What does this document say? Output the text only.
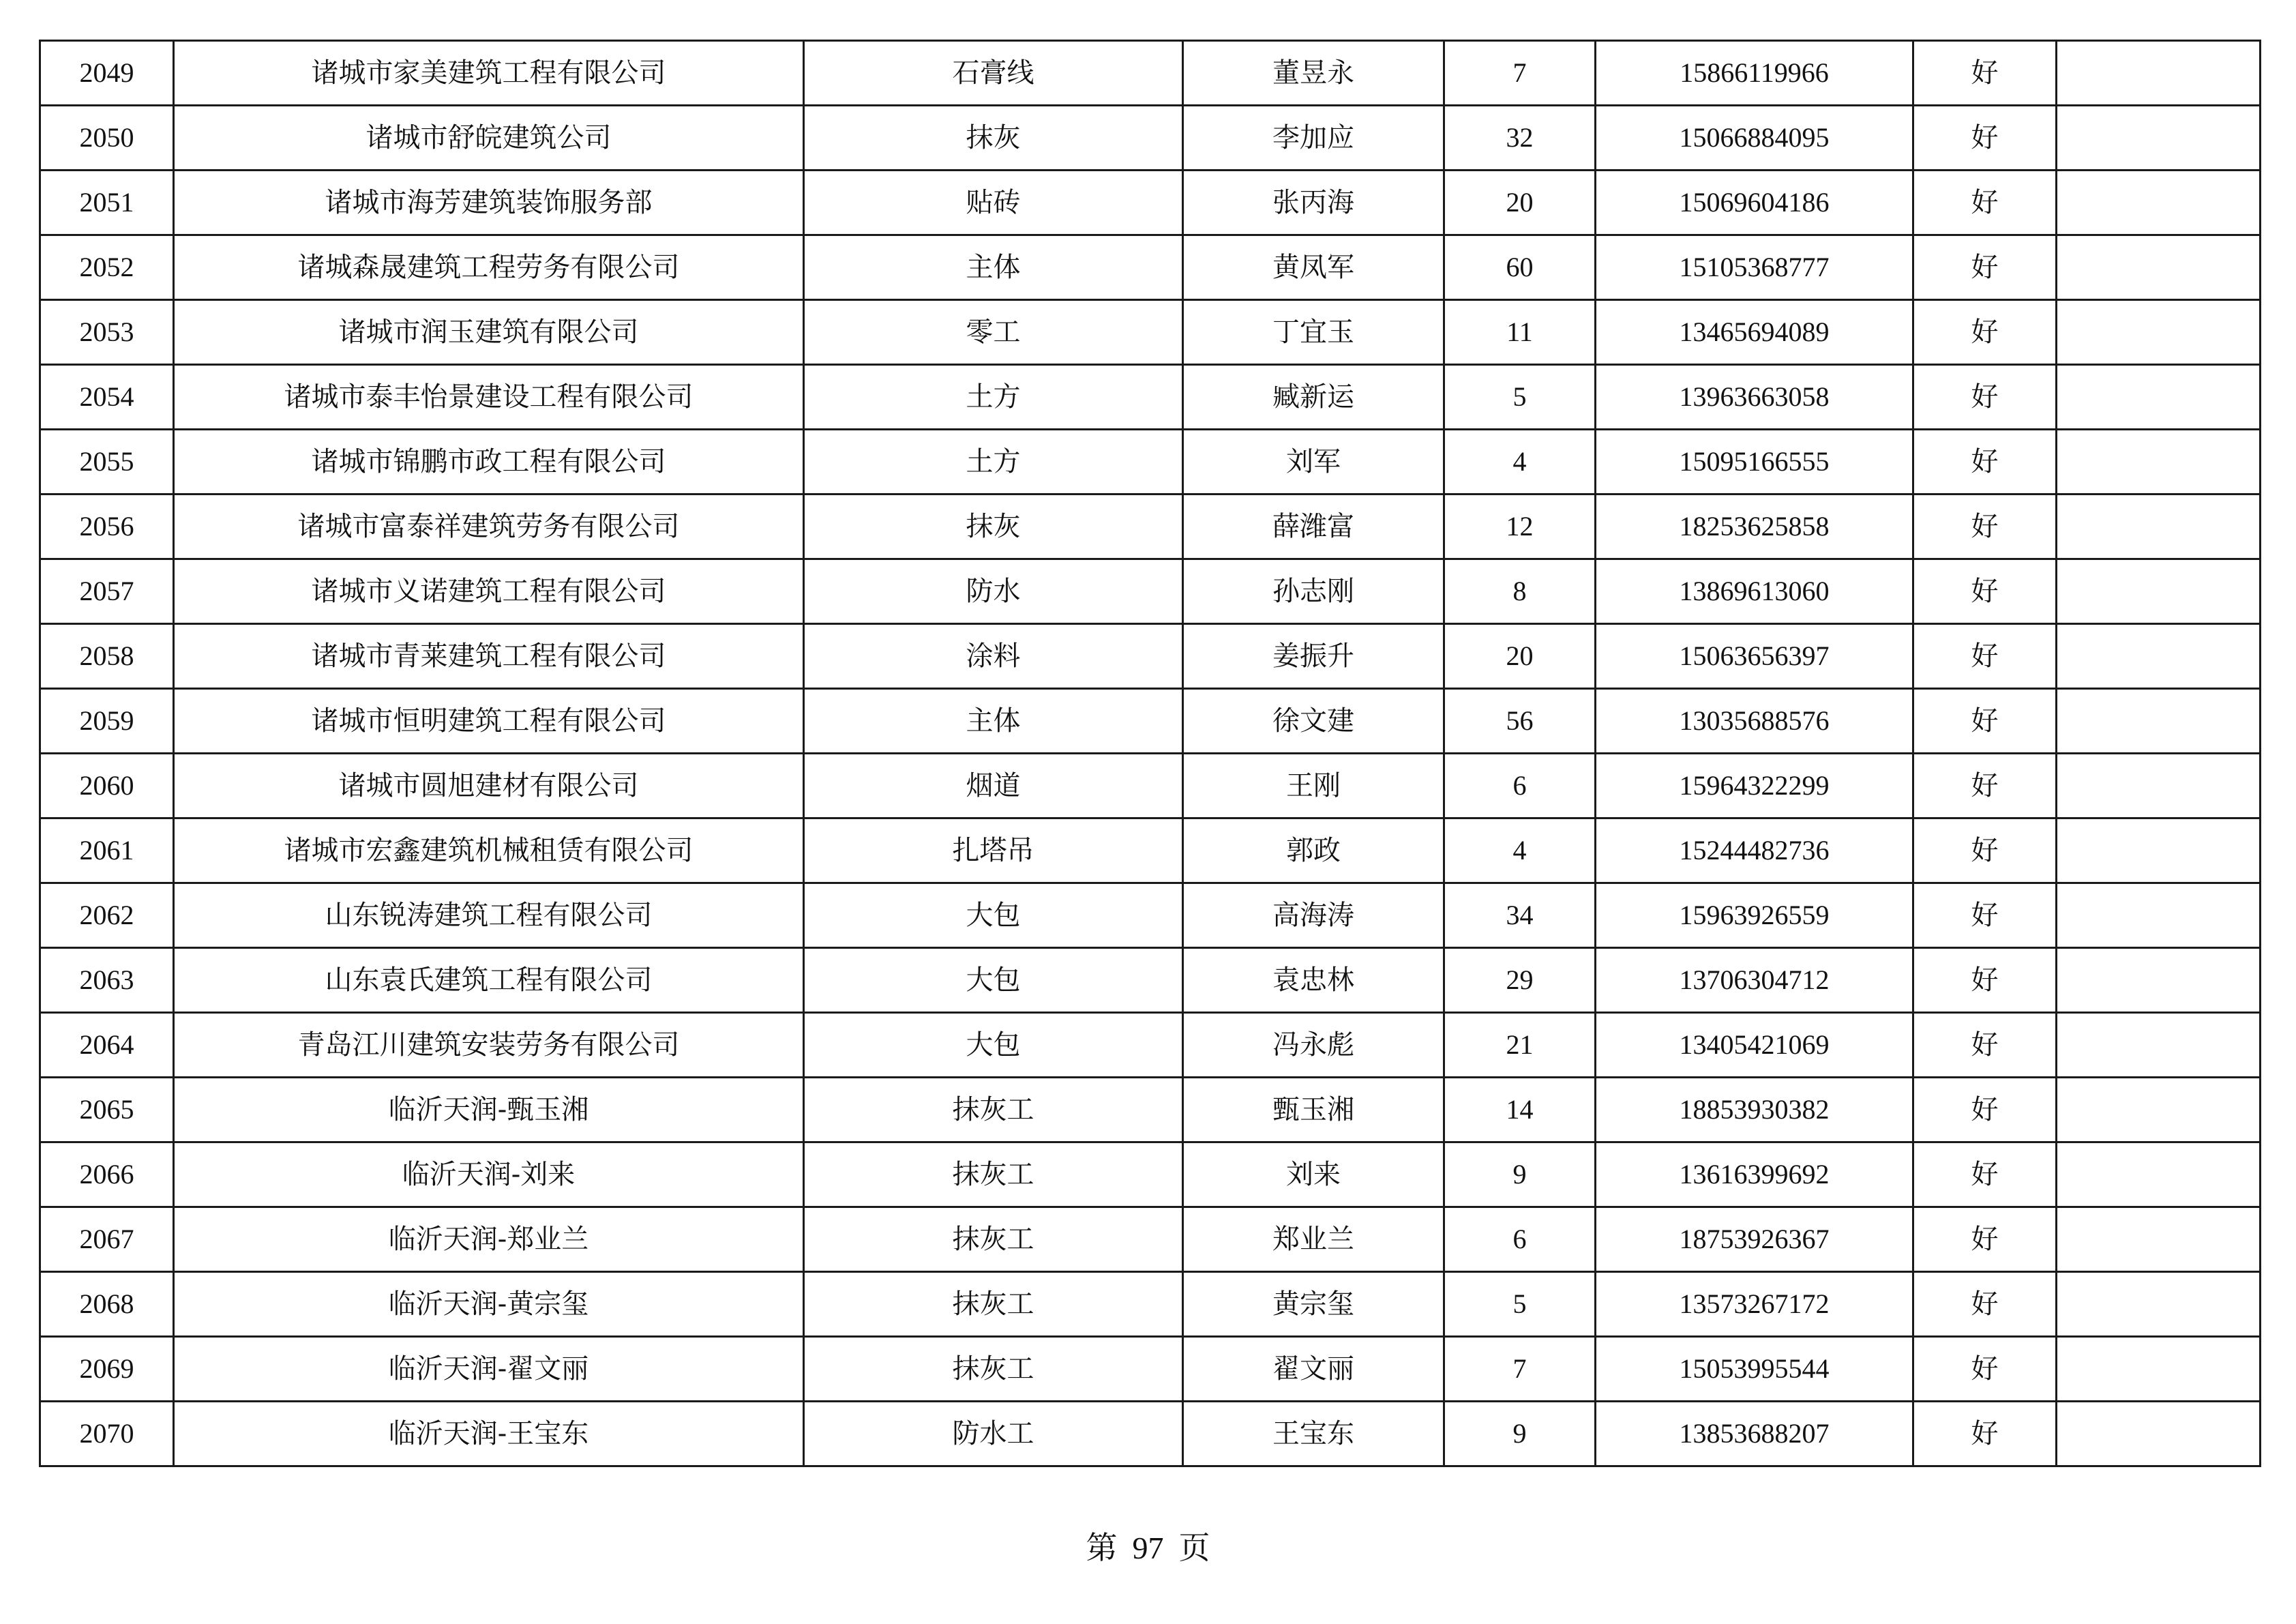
2049	诸城市家美建筑工程有限公司	石膏线	董昱永	7	15866119966	好	
2050	诸城市舒皖建筑公司	抹灰	李加应	32	15066884095	好	
2051	诸城市海芳建筑装饰服务部	贴砖	张丙海	20	15069604186	好	
2052	诸城森晟建筑工程劳务有限公司	主体	黄凤军	60	15105368777	好	
2053	诸城市润玉建筑有限公司	零工	丁宜玉	11	13465694089	好	
2054	诸城市泰丰怡景建设工程有限公司	土方	臧新运	5	13963663058	好	
2055	诸城市锦鹏市政工程有限公司	土方	刘军	4	15095166555	好	
2056	诸城市富泰祥建筑劳务有限公司	抹灰	薛潍富	12	18253625858	好	
2057	诸城市义诺建筑工程有限公司	防水	孙志刚	8	13869613060	好	
2058	诸城市青莱建筑工程有限公司	涂料	姜振升	20	15063656397	好	
2059	诸城市恒明建筑工程有限公司	主体	徐文建	56	13035688576	好	
2060	诸城市圆旭建材有限公司	烟道	王刚	6	15964322299	好	
2061	诸城市宏鑫建筑机械租赁有限公司	扎塔吊	郭政	4	15244482736	好	
2062	山东锐涛建筑工程有限公司	大包	高海涛	34	15963926559	好	
2063	山东袁氏建筑工程有限公司	大包	袁忠林	29	13706304712	好	
2064	青岛江川建筑安装劳务有限公司	大包	冯永彪	21	13405421069	好	
2065	临沂天润-甄玉湘	抹灰工	甄玉湘	14	18853930382	好	
2066	临沂天润-刘来	抹灰工	刘来	9	13616399692	好	
2067	临沂天润-郑业兰	抹灰工	郑业兰	6	18753926367	好	
2068	临沂天润-黄宗玺	抹灰工	黄宗玺	5	13573267172	好	
2069	临沂天润-翟文丽	抹灰工	翟文丽	7	15053995544	好	
2070	临沂天润-王宝东	防水工	王宝东	9	13853688207	好	
第 97 页
